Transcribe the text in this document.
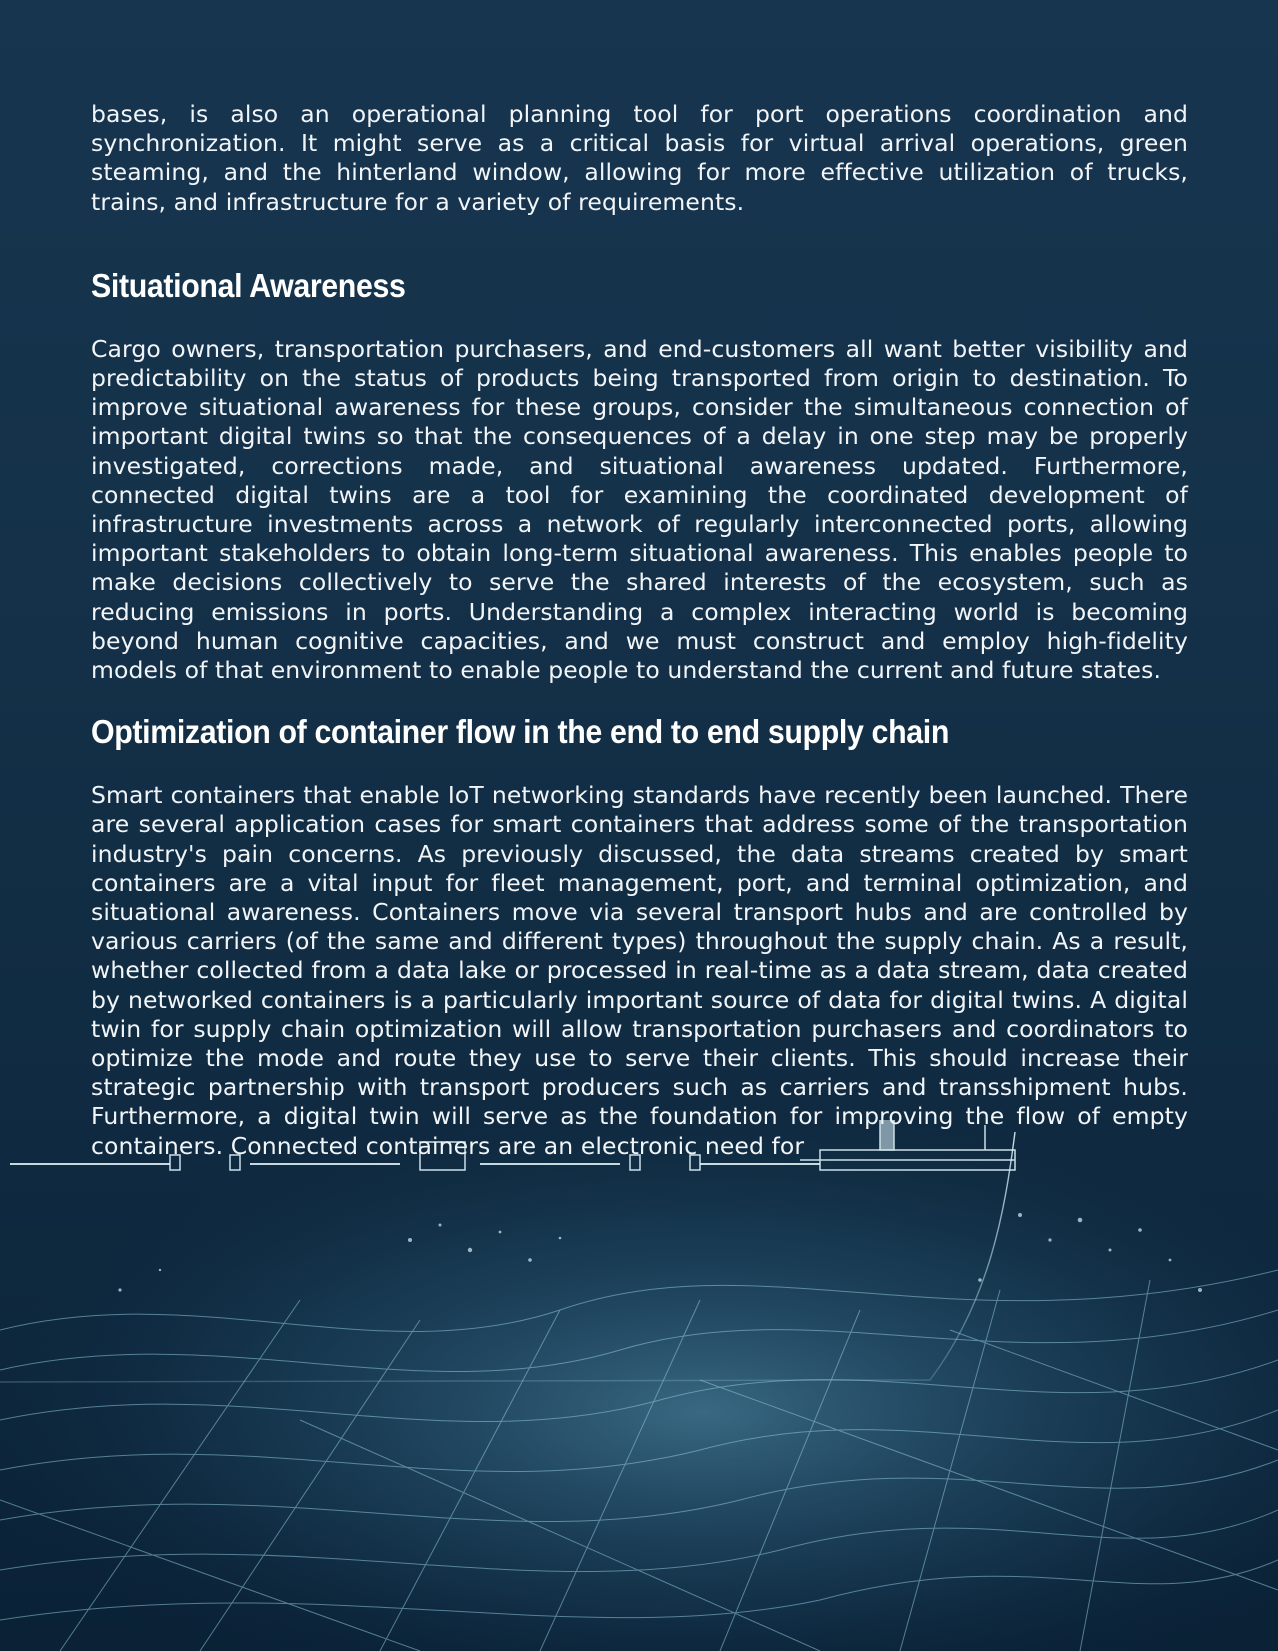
bases, is also an operational planning tool for port operations coordination and synchronization. It might serve as a critical basis for virtual arrival operations, green steaming, and the hinterland window, allowing for more effective utilization of trucks, trains, and infrastructure for a variety of requirements.

Situational Awareness

Cargo owners, transportation purchasers, and end-customers all want better visibility and predictability on the status of products being transported from origin to destination. To improve situational awareness for these groups, consider the simultaneous connection of important digital twins so that the consequences of a delay in one step may be properly investigated, corrections made, and situational awareness updated. Furthermore, connected digital twins are a tool for examining the coordinated development of infrastructure investments across a network of regularly interconnected ports, allowing important stakeholders to obtain long-term situational awareness. This enables people to make decisions collectively to serve the shared interests of the ecosystem, such as reducing emissions in ports. Understanding a complex interacting world is becoming beyond human cognitive capacities, and we must construct and employ high-fidelity models of that environment to enable people to understand the current and future states.

Optimization of container flow in the end to end supply chain

Smart containers that enable IoT networking standards have recently been launched. There are several application cases for smart containers that address some of the transportation industry's pain concerns. As previously discussed, the data streams created by smart containers are a vital input for fleet management, port, and terminal optimization, and situational awareness. Containers move via several transport hubs and are controlled by various carriers (of the same and different types) throughout the supply chain. As a result, whether collected from a data lake or processed in real-time as a data stream, data created by networked containers is a particularly important source of data for digital twins. A digital twin for supply chain optimization will allow transportation purchasers and coordinators to optimize the mode and route they use to serve their clients. This should increase their strategic partnership with transport producers such as carriers and transshipment hubs. Furthermore, a digital twin will serve as the foundation for improving the flow of empty containers. Connected containers are an electronic need for
